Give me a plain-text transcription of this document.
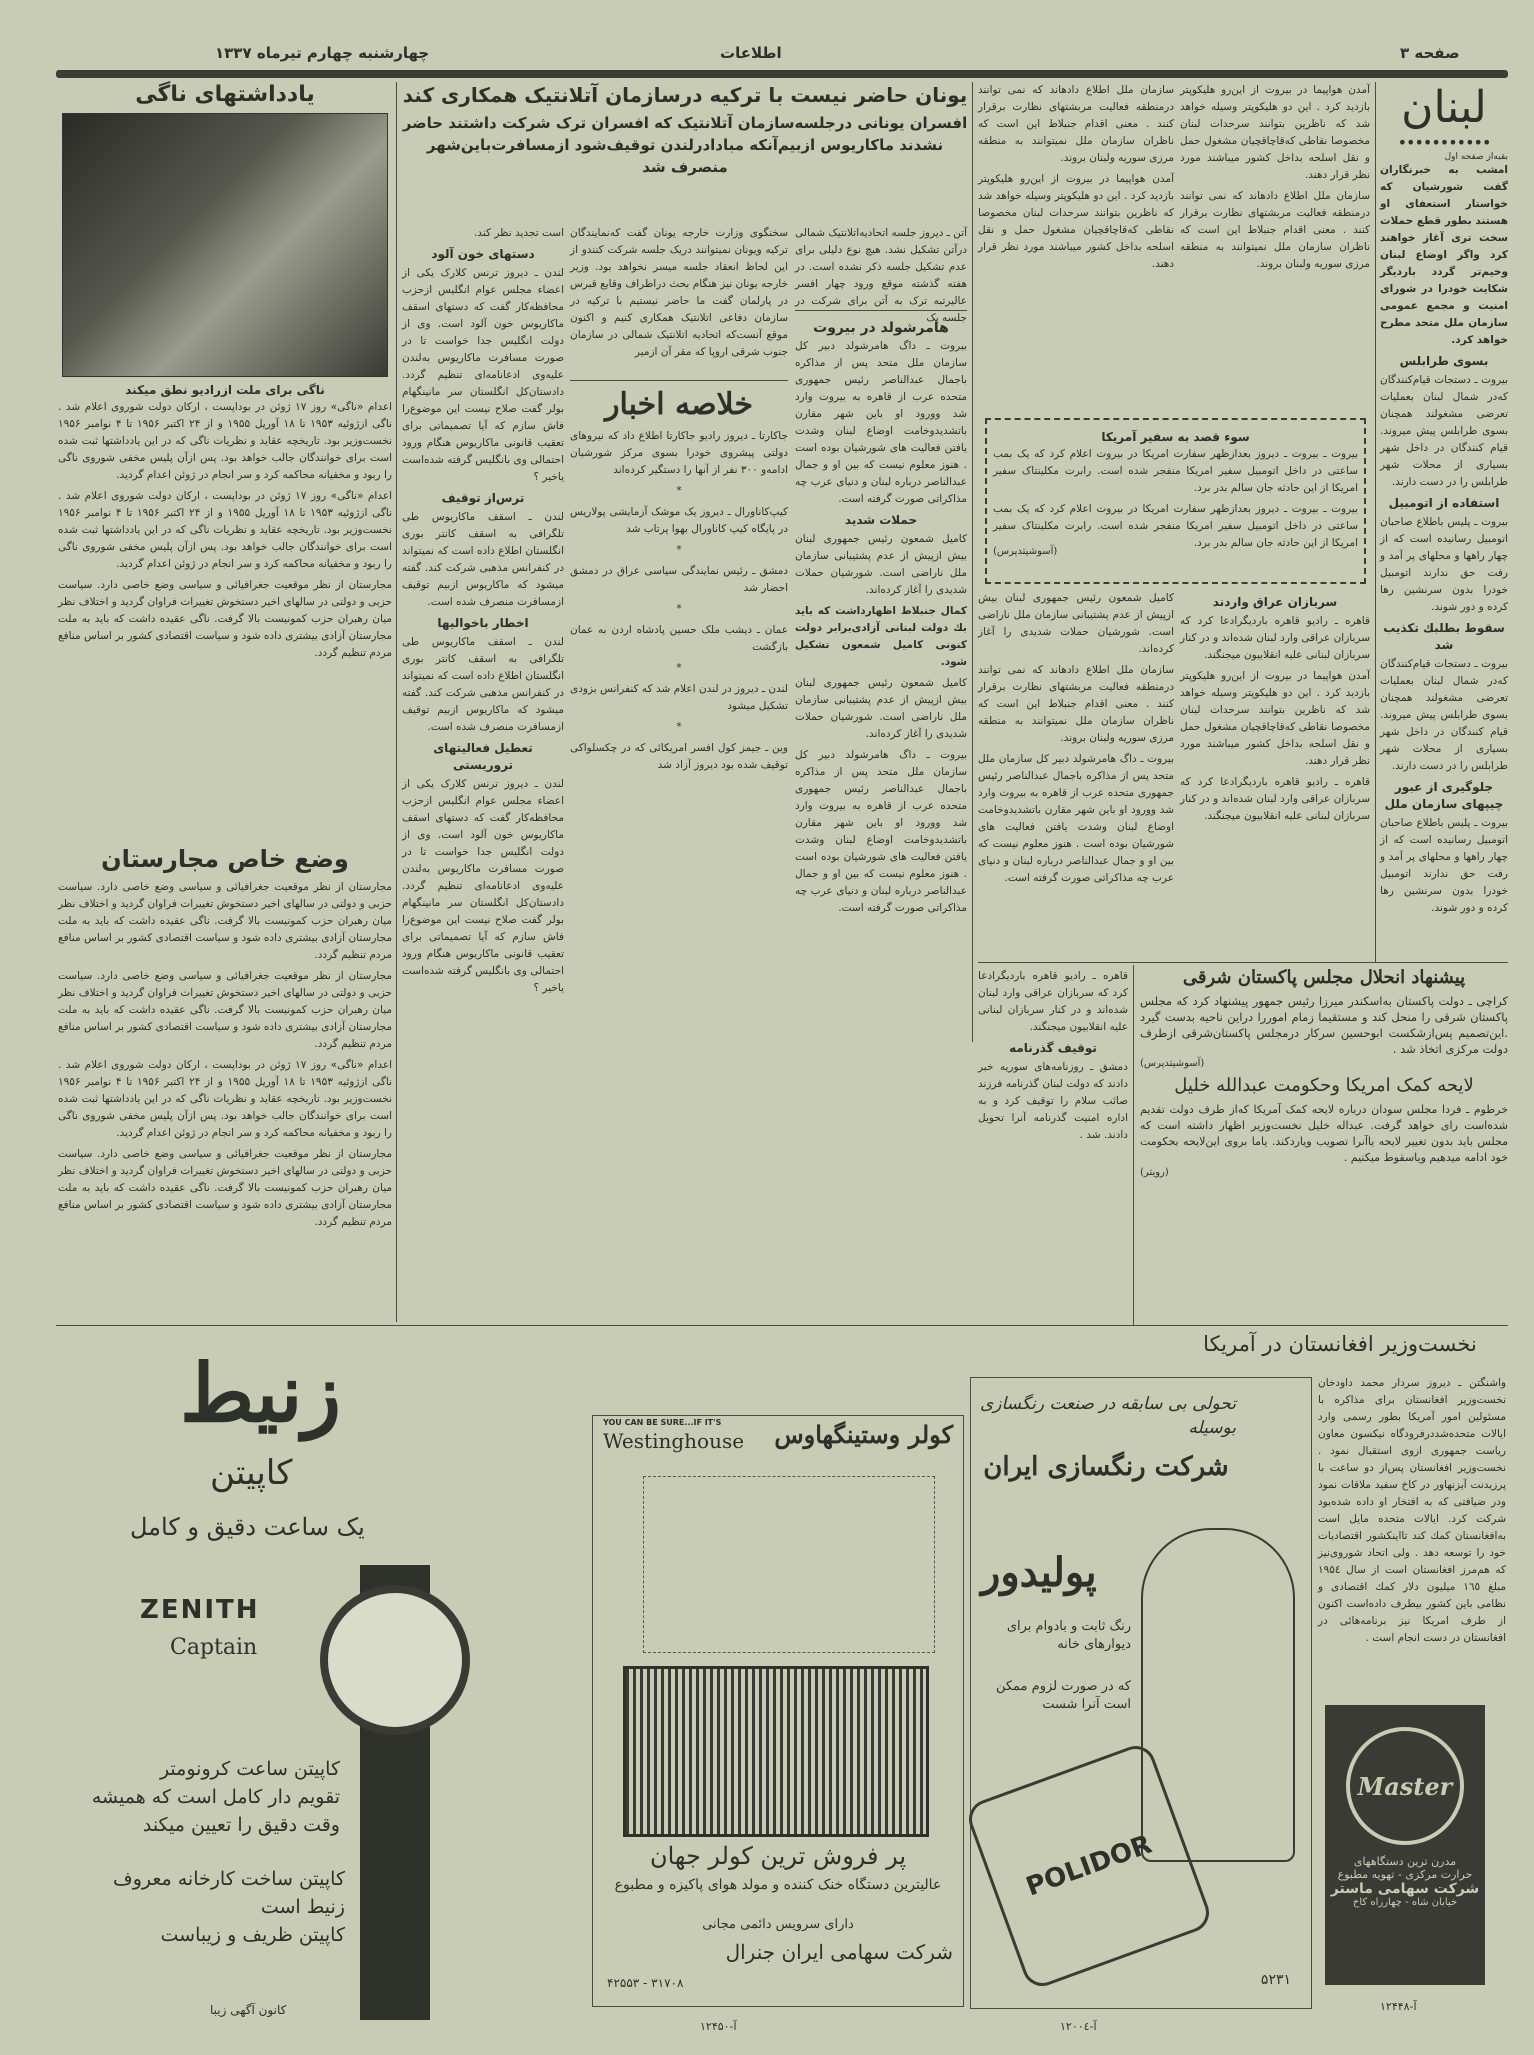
صفحه ۳
اطلاعات
چهارشنبه چهارم تیرماه ۱۳۳۷
یادداشتهای ناگی
ناگی برای ملت ازرادیو نطق میکند

اعدام «ناگی» روز ۱۷ ژوئن در بوداپست ، ارکان دولت شوروی اعلام شد . ناگی ازژوئیه ۱۹۵۳ تا ۱۸ آوریل ۱۹۵۵ و از ۲۴ اکتبر ۱۹۵۶ تا ۴ نوامبر ۱۹۵۶ نخست‌وزیر بود. تاریخچه عقاید و نظریات ناگی که در این یادداشتها ثبت شده است برای خوانندگان جالب خواهد بود. پس ازآن پلیس مخفی شوروی ناگی را ربود و مخفیانه محاکمه کرد و سر انجام در ژوئن اعدام گردید.

اعدام «ناگی» روز ۱۷ ژوئن در بوداپست ، ارکان دولت شوروی اعلام شد . ناگی ازژوئیه ۱۹۵۳ تا ۱۸ آوریل ۱۹۵۵ و از ۲۴ اکتبر ۱۹۵۶ تا ۴ نوامبر ۱۹۵۶ نخست‌وزیر بود. تاریخچه عقاید و نظریات ناگی که در این یادداشتها ثبت شده است برای خوانندگان جالب خواهد بود. پس ازآن پلیس مخفی شوروی ناگی را ربود و مخفیانه محاکمه کرد و سر انجام در ژوئن اعدام گردید.

مجارستان از نظر موقعیت جغرافیائی و سیاسی وضع خاصی دارد. سیاست حزبی و دولتی در سالهای اخیر دستخوش تغییرات فراوان گردید و اختلاف نظر میان رهبران حزب کمونیست بالا گرفت. ناگی عقیده داشت که باید به ملت مجارستان آزادی بیشتری داده شود و سیاست اقتصادی کشور بر اساس منافع مردم تنظیم گردد.

وضع خاص مجارستان

مجارستان از نظر موقعیت جغرافیائی و سیاسی وضع خاصی دارد. سیاست حزبی و دولتی در سالهای اخیر دستخوش تغییرات فراوان گردید و اختلاف نظر میان رهبران حزب کمونیست بالا گرفت. ناگی عقیده داشت که باید به ملت مجارستان آزادی بیشتری داده شود و سیاست اقتصادی کشور بر اساس منافع مردم تنظیم گردد.

مجارستان از نظر موقعیت جغرافیائی و سیاسی وضع خاصی دارد. سیاست حزبی و دولتی در سالهای اخیر دستخوش تغییرات فراوان گردید و اختلاف نظر میان رهبران حزب کمونیست بالا گرفت. ناگی عقیده داشت که باید به ملت مجارستان آزادی بیشتری داده شود و سیاست اقتصادی کشور بر اساس منافع مردم تنظیم گردد.

اعدام «ناگی» روز ۱۷ ژوئن در بوداپست ، ارکان دولت شوروی اعلام شد . ناگی ازژوئیه ۱۹۵۳ تا ۱۸ آوریل ۱۹۵۵ و از ۲۴ اکتبر ۱۹۵۶ تا ۴ نوامبر ۱۹۵۶ نخست‌وزیر بود. تاریخچه عقاید و نظریات ناگی که در این یادداشتها ثبت شده است برای خوانندگان جالب خواهد بود. پس ازآن پلیس مخفی شوروی ناگی را ربود و مخفیانه محاکمه کرد و سر انجام در ژوئن اعدام گردید.

مجارستان از نظر موقعیت جغرافیائی و سیاسی وضع خاصی دارد. سیاست حزبی و دولتی در سالهای اخیر دستخوش تغییرات فراوان گردید و اختلاف نظر میان رهبران حزب کمونیست بالا گرفت. ناگی عقیده داشت که باید به ملت مجارستان آزادی بیشتری داده شود و سیاست اقتصادی کشور بر اساس منافع مردم تنظیم گردد.

یونان حاضر نیست با ترکیه درسازمان آتلانتیک همکاری کند
افسران یونانی درجلسه‌سازمان آتلانتیک که افسران ترک شرکت داشتند حاضر نشدند ماکاریوس ازبیم‌آنکه مبادادرلندن توقیف‌شود ازمسافرت‌باین‌شهر منصرف شد

آتن ـ دیروز جلسه اتحادیه‌اتلانتیک شمالی درآتن تشکیل نشد. هیچ نوع دلیلی برای عدم تشکیل جلسه ذکر نشده است. در هفته گذشته موقع ورود چهار افسر عالیرتبه ترک به آتن برای شرکت در جلسه یک

هامرشولد در بیروت

بیروت ـ داگ هامرشولد دبیر کل سازمان ملل متحد پس از مذاکره باجمال عبدالناصر رئیس جمهوری متحده عرب از قاهره به بیروت وارد شد وورود او باین شهر مقارن باتشدیدوخامت اوضاع لبنان وشدت یافتن فعالیت های شورشیان بوده است . هنوز معلوم نیست که بین او و جمال عبدالناصر درباره لبنان و دنیای عرب چه مذاکراتی صورت گرفته است.

حملات شدید

کامیل شمعون رئیس جمهوری لبنان بیش ازپیش از عدم پشتیبانی سازمان ملل ناراضی است. شورشیان حملات شدیدی را آغاز کرده‌اند.

کمال جنبلاط اظهارداشت که باید بك دولت لبنانی آزادی‌برابر دولت کنونی کامیل شمعون تشکیل شود.

کامیل شمعون رئیس جمهوری لبنان بیش ازپیش از عدم پشتیبانی سازمان ملل ناراضی است. شورشیان حملات شدیدی را آغاز کرده‌اند.

بیروت ـ داگ هامرشولد دبیر کل سازمان ملل متحد پس از مذاکره باجمال عبدالناصر رئیس جمهوری متحده عرب از قاهره به بیروت وارد شد وورود او باین شهر مقارن باتشدیدوخامت اوضاع لبنان وشدت یافتن فعالیت های شورشیان بوده است . هنوز معلوم نیست که بین او و جمال عبدالناصر درباره لبنان و دنیای عرب چه مذاکراتی صورت گرفته است.

سخنگوی وزارت خارجه یونان گفت که‌نمایندگان ترکیه ویونان نمیتوانند دریک جلسه شرکت کنندو از این لحاظ انعقاد جلسه میسر نخواهد بود. وزیر خارجه یونان نیز هنگام بحث دراطراف وقایع قبرس در پارلمان گفت ما حاضر نیستیم با ترکیه در سازمان دفاعی اتلانتیک همکاری کنیم و اکنون موقع آنست‌که اتحادیه اتلانتیک شمالی در سازمان جنوب شرقی اروپا که مقر آن ازمیر

خلاصه اخبار

جاکارتا ـ دیروز رادیو جاکارتا اطلاع داد که نیروهای دولتی پیشروی خودرا بسوی مرکز شورشیان ادامه‌و ۳۰۰ نفر از آنها را دستگیر کرده‌اند

*

کیپ‌کاناورال ـ دیروز یک موشک آزمایشی پولاریس در پایگاه کیپ کاناورال بهوا پرتاب شد

*

دمشق ـ رئیس نمایندگی سیاسی عراق در دمشق احضار شد

*

عمان ـ دیشب ملک حسین پادشاه اردن به عمان بازگشت

*

لندن ـ دیروز در لندن اعلام شد که کنفرانس بزودی تشکیل میشود

*

وین ـ جیمز کول افسر امریکائی که در چکسلواکی توقیف شده بود دیروز آزاد شد

است تجدید نظر کند.

دستهای خون آلود

لندن ـ دیروز ترنس کلارک یکی از اعضاء مجلس عوام انگلیس ازحزب محافظه‌کار گفت که دستهای اسقف ماکاریوس خون آلود است. وی از دولت انگلیس جدا خواست تا در صورت مسافرت ماکاریوس به‌لندن علیه‌وی ادعانامه‌ای تنظیم گردد. دادستان‌کل انگلستان سر مانینگهام بولر گفت صلاح نیست این موضوع‌را فاش سازم که آیا تصمیماتی برای تعقیب قانونی ماکاریوس هنگام ورود احتمالی وی بانگلیس گرفته شده‌است یاخیر ؟

ترس‌از توقیف

لندن ـ اسقف ماکاریوس طی تلگرافی به اسقف کانتر بوری انگلستان اطلاع داده است که نمیتواند در کنفرانس مذهبی شرکت کند. گفته میشود که ماکاریوس ازبیم توقیف ازمسافرت منصرف شده است.

اخطار باخوالیها

لندن ـ اسقف ماکاریوس طی تلگرافی به اسقف کانتر بوری انگلستان اطلاع داده است که نمیتواند در کنفرانس مذهبی شرکت کند. گفته میشود که ماکاریوس ازبیم توقیف ازمسافرت منصرف شده است.

تعطیل فعالیتهای تروریستی

لندن ـ دیروز ترنس کلارک یکی از اعضاء مجلس عوام انگلیس ازحزب محافظه‌کار گفت که دستهای اسقف ماکاریوس خون آلود است. وی از دولت انگلیس جدا خواست تا در صورت مسافرت ماکاریوس به‌لندن علیه‌وی ادعانامه‌ای تنظیم گردد. دادستان‌کل انگلستان سر مانینگهام بولر گفت صلاح نیست این موضوع‌را فاش سازم که آیا تصمیماتی برای تعقیب قانونی ماکاریوس هنگام ورود احتمالی وی بانگلیس گرفته شده‌است یاخیر ؟

آمدن هواپیما در بیروت از این‌رو هلیکوپتر بازدید کرد . این دو هلیکوپتر وسیله خواهد شد که ناظرین بتوانند سرحدات لبنان مخصوصا نقاطی که‌قاچاقچیان مشغول حمل و نقل اسلحه بداخل کشور میباشند مورد نظر قرار دهند.

سازمان ملل اطلاع دادهاند که نمی توانند درمنطقه فعالیت مربشتهای نظارت برقرار کنند . معنی اقدام جنبلاط این است که ناظران سازمان ملل نمیتوانند به منطقه مرزی سوریه ولبنان بروند.

سازمان ملل اطلاع دادهاند که نمی توانند درمنطقه فعالیت مربشتهای نظارت برقرار کنند . معنی اقدام جنبلاط این است که ناظران سازمان ملل نمیتوانند به منطقه مرزی سوریه ولبنان بروند.

آمدن هواپیما در بیروت از این‌رو هلیکوپتر بازدید کرد . این دو هلیکوپتر وسیله خواهد شد که ناظرین بتوانند سرحدات لبنان مخصوصا نقاطی که‌قاچاقچیان مشغول حمل و نقل اسلحه بداخل کشور میباشند مورد نظر قرار دهند.

سوء قصد به سفیر آمریکا

بیروت ـ بیروت ـ دیروز بعدازظهر سفارت امریکا در بیروت اعلام کرد که یک بمب ساعتی در داخل اتومبیل سفیر امریکا منفجر شده است. رابرت مکلینتاک سفیر امریکا از این حادثه جان سالم بدر برد.

بیروت ـ بیروت ـ دیروز بعدازظهر سفارت امریکا در بیروت اعلام کرد که یک بمب ساعتی در داخل اتومبیل سفیر امریکا منفجر شده است. رابرت مکلینتاک سفیر امریکا از این حادثه جان سالم بدر برد.

(آسوشیتدپرس)
سربازان عراق واردند

قاهره ـ رادیو قاهره باردیگرادعا کرد که سربازان عراقی وارد لبنان شده‌اند و در کنار سربازان لبنانی علیه انقلابیون میجنگند.

آمدن هواپیما در بیروت از این‌رو هلیکوپتر بازدید کرد . این دو هلیکوپتر وسیله خواهد شد که ناظرین بتوانند سرحدات لبنان مخصوصا نقاطی که‌قاچاقچیان مشغول حمل و نقل اسلحه بداخل کشور میباشند مورد نظر قرار دهند.

قاهره ـ رادیو قاهره باردیگرادعا کرد که سربازان عراقی وارد لبنان شده‌اند و در کنار سربازان لبنانی علیه انقلابیون میجنگند.

کامیل شمعون رئیس جمهوری لبنان بیش ازپیش از عدم پشتیبانی سازمان ملل ناراضی است. شورشیان حملات شدیدی را آغاز کرده‌اند.

سازمان ملل اطلاع دادهاند که نمی توانند درمنطقه فعالیت مربشتهای نظارت برقرار کنند . معنی اقدام جنبلاط این است که ناظران سازمان ملل نمیتوانند به منطقه مرزی سوریه ولبنان بروند.

بیروت ـ داگ هامرشولد دبیر کل سازمان ملل متحد پس از مذاکره باجمال عبدالناصر رئیس جمهوری متحده عرب از قاهره به بیروت وارد شد وورود او باین شهر مقارن باتشدیدوخامت اوضاع لبنان وشدت یافتن فعالیت های شورشیان بوده است . هنوز معلوم نیست که بین او و جمال عبدالناصر درباره لبنان و دنیای عرب چه مذاکراتی صورت گرفته است.

لبنان
•••••••••••
بقیه‌از صفحه اول

امشب به خبرنگاران گفت شورشیان که خواستار استعفای او هستند بطور قطع حملات سخت تری آغاز خواهند کرد واگر اوضاع لبنان وخیم‌تر گردد باردیگر شکایت خودرا در شورای امنیت و مجمع عمومی سازمان ملل متحد مطرح خواهد کرد.

بسوی طرابلس

بیروت ـ دستجات قیام‌کنندگان که‌در شمال لبنان بعملیات تعرضی مشغولند همچنان بسوی طرابلس پیش میروند. قیام کنندگان در داخل شهر بسیاری از محلات شهر طرابلس را در دست دارند.

استفاده از اتومبیل

بیروت ـ پلیس باطلاع صاحبان اتومبیل رسانیده است که از چهار راهها و محلهای پر آمد و رفت حق ندارند اتومبیل خودرا بدون سرنشین رها کرده و دور شوند.

سقوط بطلبك تكذیب شد

بیروت ـ دستجات قیام‌کنندگان که‌در شمال لبنان بعملیات تعرضی مشغولند همچنان بسوی طرابلس پیش میروند. قیام کنندگان در داخل شهر بسیاری از محلات شهر طرابلس را در دست دارند.

جلوگیری از عبور چیپهای سازمان ملل

بیروت ـ پلیس باطلاع صاحبان اتومبیل رسانیده است که از چهار راهها و محلهای پر آمد و رفت حق ندارند اتومبیل خودرا بدون سرنشین رها کرده و دور شوند.

قاهره ـ رادیو قاهره باردیگرادعا کرد که سربازان عراقی وارد لبنان شده‌اند و در کنار سربازان لبنانی علیه انقلابیون میجنگند.

توقیف گذرنامه

دمشق ـ روزنامه‌های سوریه خبر دادند که دولت لبنان گذرنامه فرزند صائب سلام را توقیف کرد و به اداره امنیت گذرنامه آنرا تحویل دادند. شد .

پیشنهاد انحلال مجلس پاکستان شرقی
کراچی ـ دولت پاکستان به‌اسکندر میرزا رئیس جمهور پیشنهاد کرد که مجلس پاکستان شرقی را منحل کند و مستقیما زمام اموررا دراین ناحیه بدست گیرد .این‌تصمیم پس‌ازشکست ابوحسین سرکار درمجلس پاکستان‌شرقی ازطرف دولت مرکزی اتخاذ شد .
(آسوشیتدپرس)
لایحه کمک امریکا وحکومت عبدالله خلیل
خرطوم ـ فردا مجلس سودان درباره لایحه کمک آمریکا که‌از طرف دولت تقدیم شده‌است رای خواهد گرفت. عبداله خلیل نخست‌وزیر اظهار داشته است که مجلس باید بدون تغییر لایحه یاآنرا تصویب ویاردکند. یاما بروی این‌لایحه بحکومت خود ادامه میدهیم ویاسقوط میکنیم .
(رویتر)
نخست‌وزیر افغانستان در آمریکا
واشنگتن ـ دیروز سردار محمد داودخان نخست‌وزیر افغانستان برای مذاکره با مسئولین امور آمریکا بطور رسمی وارد ایالات متحده‌شددرفرودگاه نیکسون معاون ریاست جمهوری ازوی استقبال نمود . نخست‌وزیر افغانستان پس‌از دو ساعت با پرزیدنت آیزنهاور در کاخ سفید ملاقات نمود ودر ضیافتی که به افتخار او داده شده‌بود شرکت کرد. ایالات متحده مایل است به‌افغانستان کمك کند تااینکشور اقتصادیات خود را توسعه دهد . ولی اتحاد شوروی‌نیز که هم‌مرز افغانستان است از سال ۱۹۵٤ مبلغ ۱٦٥ میلیون دلار کمك اقتصادی و نظامی باین کشور بیطرف داده‌است اکنون از طرف امریکا نیز برنامه‌هائی در افغانستان در دست انجام است .
Master
مدرن ترین دستگاههای
حرارت مرکزی - تهویه مطبوع
شرکت سهامی ماستر
خیابان شاه - چهارراه کاخ
آ-۱۲۴۴۸
زنیط
کاپیتن
یک ساعت دقیق و کامل
ZENITH
Captain
کاپیتن ساعت کرونومتر
تقویم دار کامل است که همیشه وقت دقیق را تعیین میکند
کاپیتن ساخت کارخانه معروف زنیط است
کاپیتن ظریف و زیباست
کانون آگهی زیبا
YOU CAN BE SURE...IF IT'S
Westinghouse کولر وستینگهاوس
پر فروش ترین کولر جهان
عالیترین دستگاه خنک کننده و مولد هوای پاکیزه و مطبوع
دارای سرویس دائمی مجانی
شرکت سهامی ایران جنرال
۴۲۵۵۳ - ۳۱۷۰۸
آ-۱۲۴۵۰
تحولی بی سابقه در صنعت رنگسازی بوسیله
شرکت رنگسازی ایران
پولیدور
رنگ ثابت و بادوام برای دیوارهای خانه
که در صورت لزوم ممکن است آنرا شست
POLIDOR
۵۲۳۱
آ-۱۲۰۰٤
